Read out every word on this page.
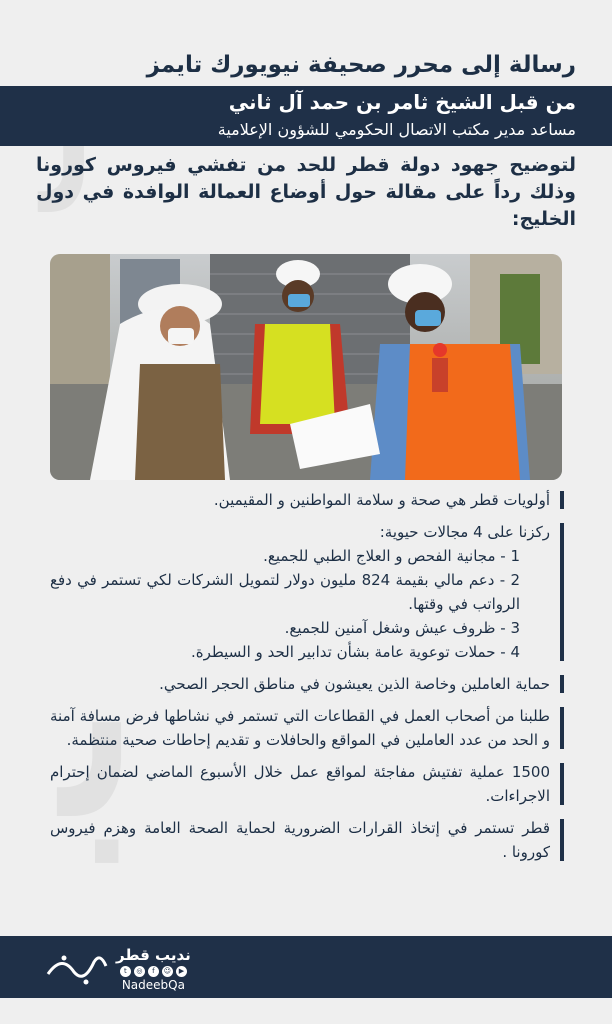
ﺑ
رسالة إلى محرر صحيفة نيويورك تايمز
من قبل الشيخ ثامر بن حمد آل ثاني
مساعد مدير مكتب الاتصال الحكومي للشؤون الإعلامية
لتوضيح جهود دولة قطر للحد من تفشي فيروس كورونا وذلك رداً على مقالة حول أوضاع العمالة الوافدة في دول الخليج:
أولويات قطر هي صحة و سلامة المواطنين و المقيمين.
ركزنا على 4 مجالات حيوية:
1 - مجانية الفحص و العلاج الطبي للجميع.
2 - دعم مالي بقيمة 824 مليون دولار لتمويل الشركات لكي تستمر في دفع الرواتب في وقتها.
3 - ظروف عيش وشغل آمنين للجميع.
4 - حملات توعوية عامة بشأن تدابير الحد و السيطرة.
حماية العاملين وخاصة الذين يعيشون في مناطق الحجر الصحي.
طلبنا من أصحاب العمل في القطاعات التي تستمر في نشاطها فرض مسافة آمنة و الحد من عدد العاملين في المواقع والحافلات و تقديم إحاطات صحية منتظمة.
1500 عملية تفتيش مفاجئة لمواقع عمل خلال الأسبوع الماضي لضمان إحترام الاجراءات.
قطر تستمر في إتخاذ القرارات الضرورية لحماية الصحة العامة وهزم فيروس كورونا .
نديب قطر
t	◎	f	☺	▶
NadeebQa
